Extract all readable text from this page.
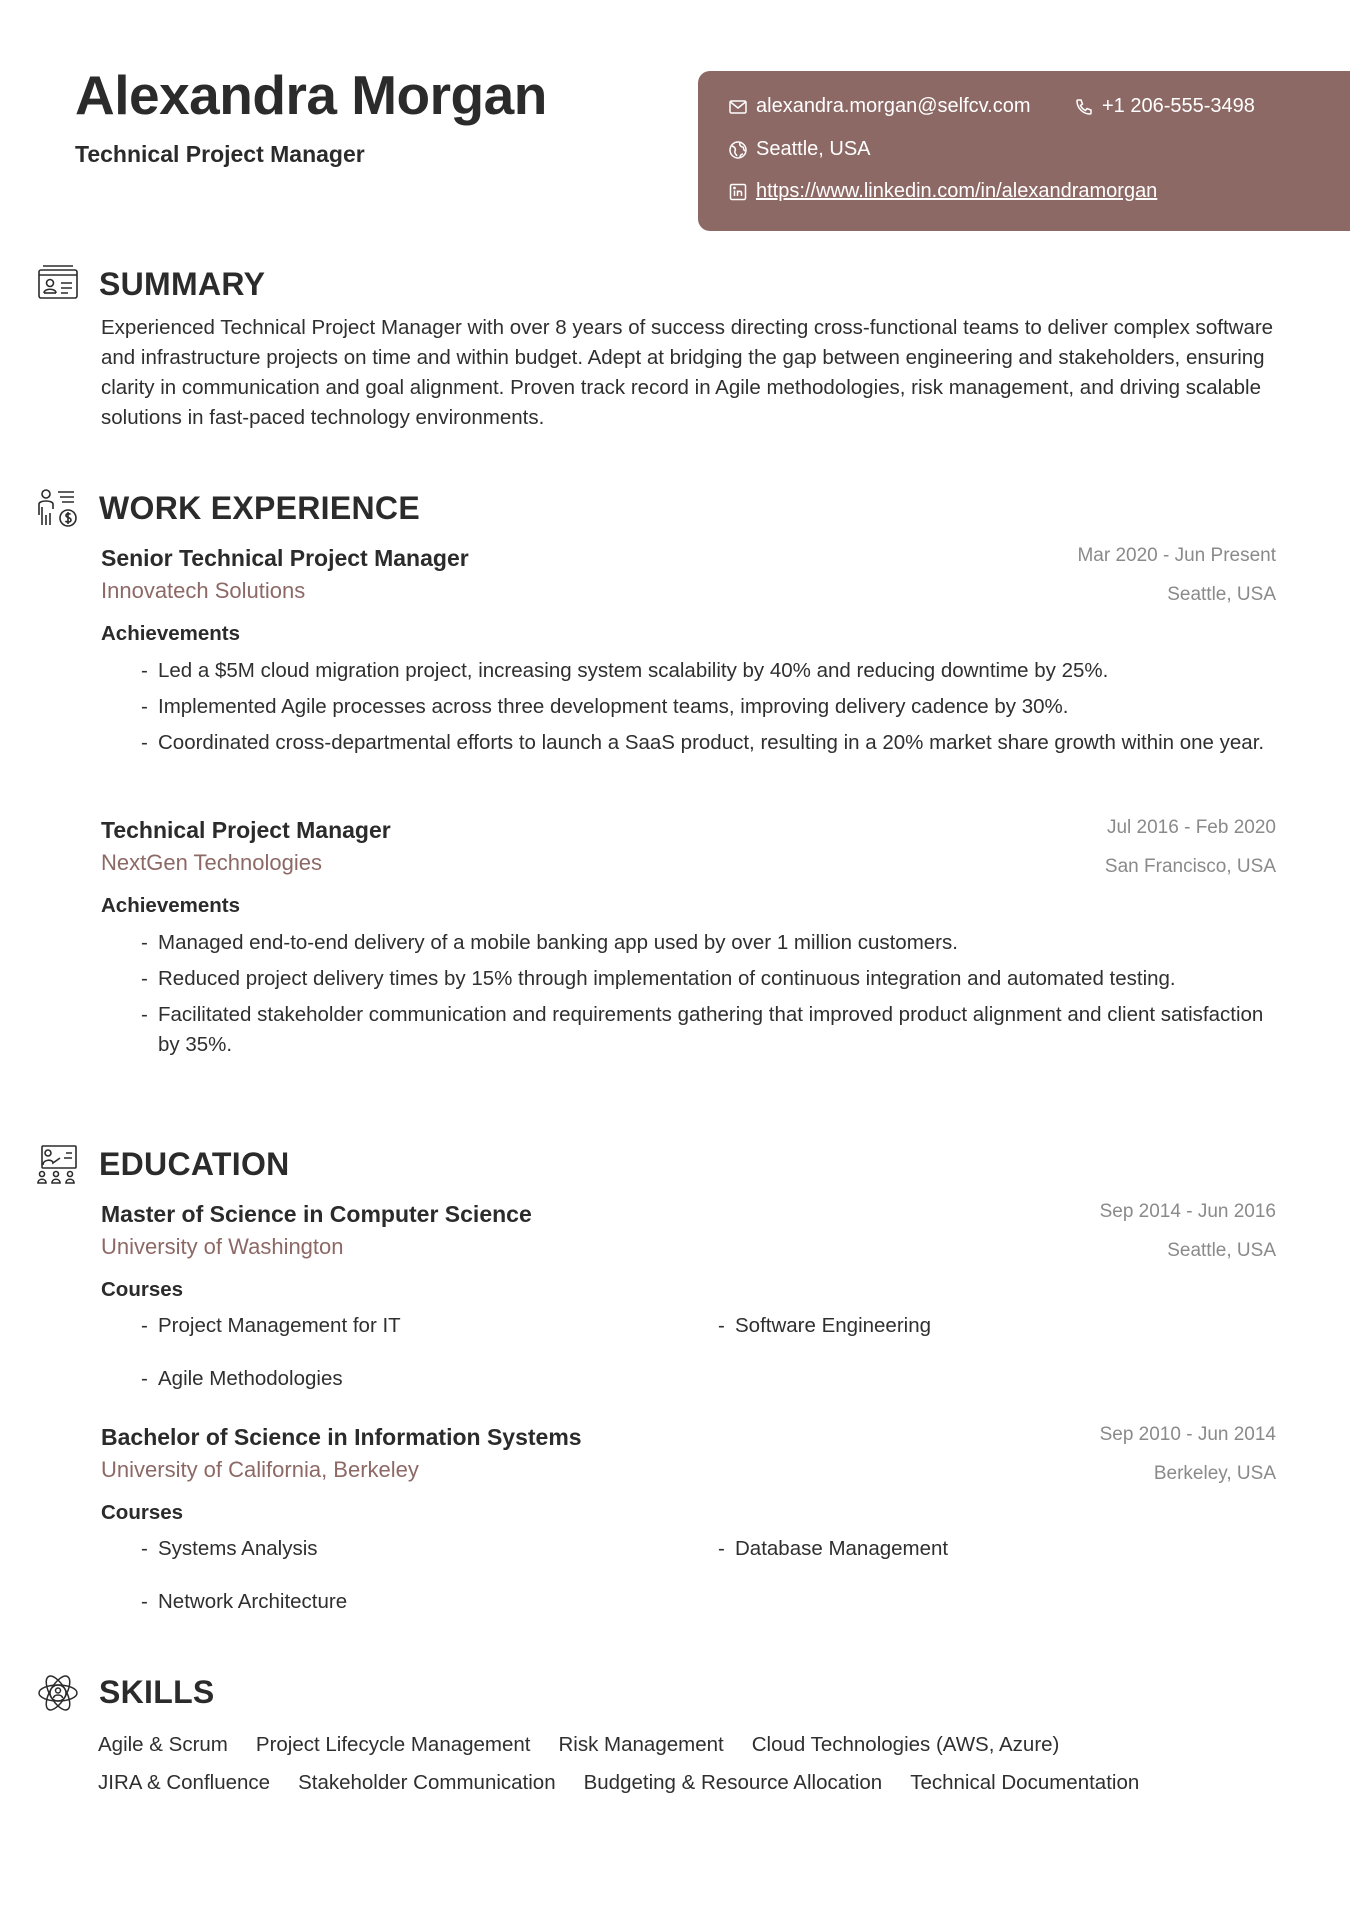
Alexandra Morgan
Technical Project Manager
alexandra.morgan@selfcv.com	+1 206-555-3498
Seattle, USA
https://www.linkedin.com/in/alexandramorgan
SUMMARY

Experienced Technical Project Manager with over 8 years of success directing cross-functional teams to deliver complex software and infrastructure projects on time and within budget. Adept at bridging the gap between engineering and stakeholders, ensuring clarity in communication and goal alignment. Proven track record in Agile methodologies, risk management, and driving scalable solutions in fast-paced technology environments.

WORK EXPERIENCE
Senior Technical Project Manager
Innovatech Solutions
Mar 2020 - Jun Present
Seattle, USA
Achievements
- Led a $5M cloud migration project, increasing system scalability by 40% and reducing downtime by 25%.
- Implemented Agile processes across three development teams, improving delivery cadence by 30%.
- Coordinated cross-departmental efforts to launch a SaaS product, resulting in a 20% market share growth within one year.
Technical Project Manager
NextGen Technologies
Jul 2016 - Feb 2020
San Francisco, USA
Achievements
- Managed end-to-end delivery of a mobile banking app used by over 1 million customers.
- Reduced project delivery times by 15% through implementation of continuous integration and automated testing.
- Facilitated stakeholder communication and requirements gathering that improved product alignment and client satisfaction by 35%.
EDUCATION
Master of Science in Computer Science
University of Washington
Sep 2014 - Jun 2016
Seattle, USA
Courses
- Project Management for IT	- Software Engineering
- Agile Methodologies
Bachelor of Science in Information Systems
University of California, Berkeley
Sep 2010 - Jun 2014
Berkeley, USA
Courses
- Systems Analysis	- Database Management
- Network Architecture
SKILLS
Agile & Scrum Project Lifecycle Management Risk Management Cloud Technologies (AWS, Azure)
JIRA & Confluence Stakeholder Communication Budgeting & Resource Allocation Technical Documentation
